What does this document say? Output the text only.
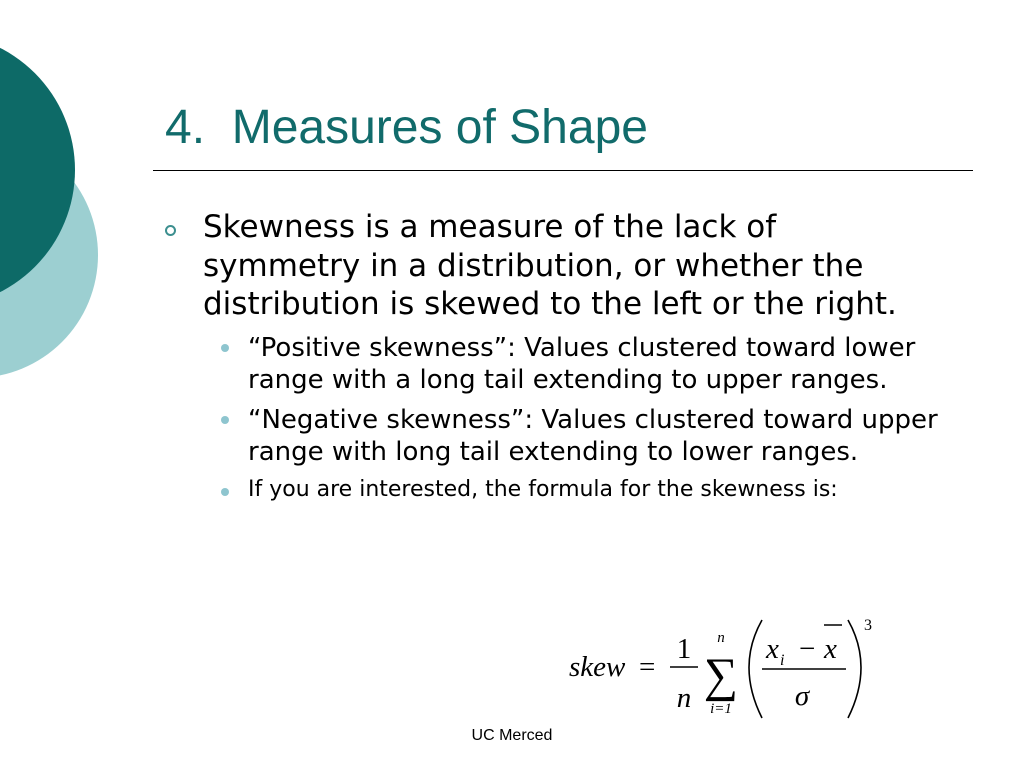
4.  Measures of Shape
Skewness is a measure of the lack of symmetry in a distribution, or whether the distribution is skewed to the left or the right.
“Positive skewness”: Values clustered toward lower range with a long tail extending to upper ranges.
“Negative skewness”: Values clustered toward upper range with long tail extending to lower ranges.
If you are interested, the formula for the skewness is:
skew =
1
n
n
∑
i=1
x i − x
σ
3
UC Merced
